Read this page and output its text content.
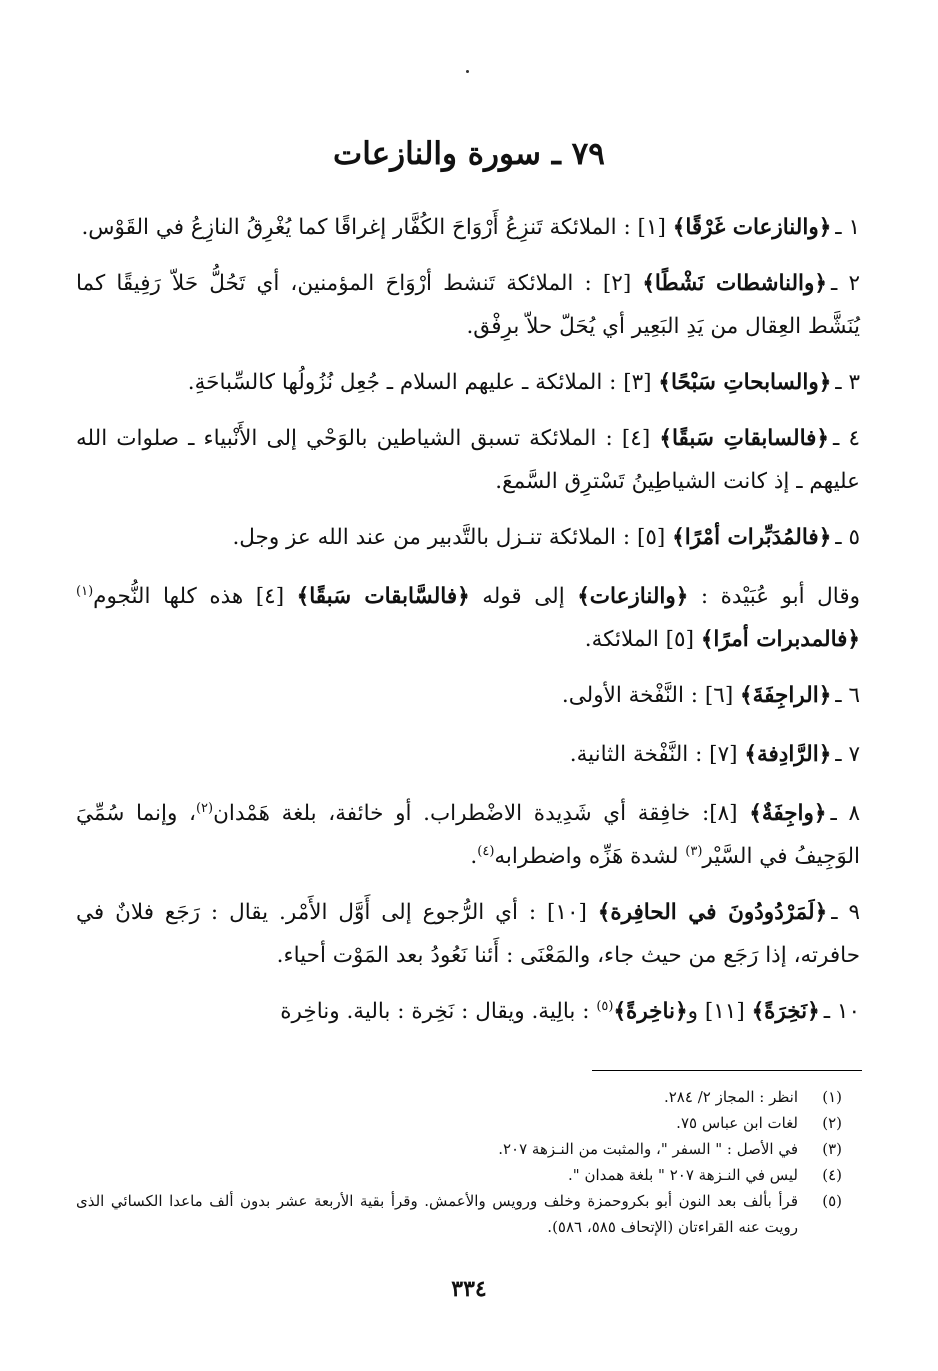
٧٩ ـ سورة والنازعات

١ ـ﴿والنازعات غَرْقًا﴾ [١] : الملائكة تَنزِعُ أَرْوَاحَ الكُفَّار إغراقًا كما يُغْرِقُ النازِعُ في القَوْس.

٢ ـ﴿والناشطات نَشْطًا﴾ [٢] : الملائكة تَنشط أرْوَاحَ المؤمنين، أي تَحُلُّ حَلاّ رَفِيقًا كما يُنَشَّط العِقال من يَدِ البَعِير أي يُحَلّ حلاّ برِفْق.

٣ ـ﴿والسابحاتِ سَبْحًا﴾ [٣] : الملائكة ـ عليهم السلام ـ جُعِل نُزُولُها كالسِّباحَةِ.

٤ ـ﴿فالسابقاتِ سَبقًا﴾ [٤] : الملائكة تسبق الشياطين بالوَحْي إلى الأَنْبياء ـ صلوات الله عليهم ـ إذ كانت الشياطِينُ تَسْترِق السَّمعَ.

٥ ـ﴿فالمُدَبِّرات أمْرًا﴾ [٥] : الملائكة تنـزل بالتَّدبير من عند الله عز وجل.

وقال أبو عُبَيْدة : ﴿والنازعات﴾ إلى قوله ﴿فالسَّابقات سَبقًا﴾ [٤] هذه كلها النُّجوم$^{(١)}$ ﴿فالمدبرات أمرًا﴾ [٥] الملائكة.

٦ ـ﴿الراجِفَةَ﴾ [٦] : النَّفْخة الأولى.

٧ ـ﴿الرَّادِفة﴾ [٧] : النَّفْخة الثانية.

٨ ـ﴿واجِفَةٌ﴾ [٨]: خافِقة أي شَدِيدة الاضْطراب. أو خائفة، بلغة هَمْدان$^{(٢)}$، وإنما سُمِّيَ الوَجِيفُ في السَّيْر$^{(٣)}$ لشدة هَزِّه واضطرابه$^{(٤)}$.

٩ ـ﴿لَمَرْدُودُونَ في الحافِرة﴾ [١٠] : أي الرُّجوع إلى أَوَّل الأَمْر. يقال : رَجَع فلانٌ في حافرته، إذا رَجَع من حيث جاء، والمَعْنَى : أَئنا نَعُودُ بعد المَوْت أحياء.

١٠ ـ﴿نَخِرَةً﴾ [١١] و﴿ناخِرةً﴾$^{(٥)}$ : بالِية. ويقال : نَخِرة : بالية. وناخِرة

(١)
انظر : المجاز ٢/ ٢٨٤.
(٢)
لغات ابن عباس ٧٥.
(٣)
في الأصل : " السفر "، والمثبت من النـزهة ٢٠٧.
(٤)
ليس في النـزهة ٢٠٧ " بلغة همدان ".
(٥)
قرأ بألف بعد النون أبو بكروحمزة وخلف ورويس والأعمش. وقرأ بقية الأربعة عشر بدون ألف ماعدا الكسائي الذى رويت عنه القراءتان (الإتحاف ٥٨٥، ٥٨٦).
٣٣٤
